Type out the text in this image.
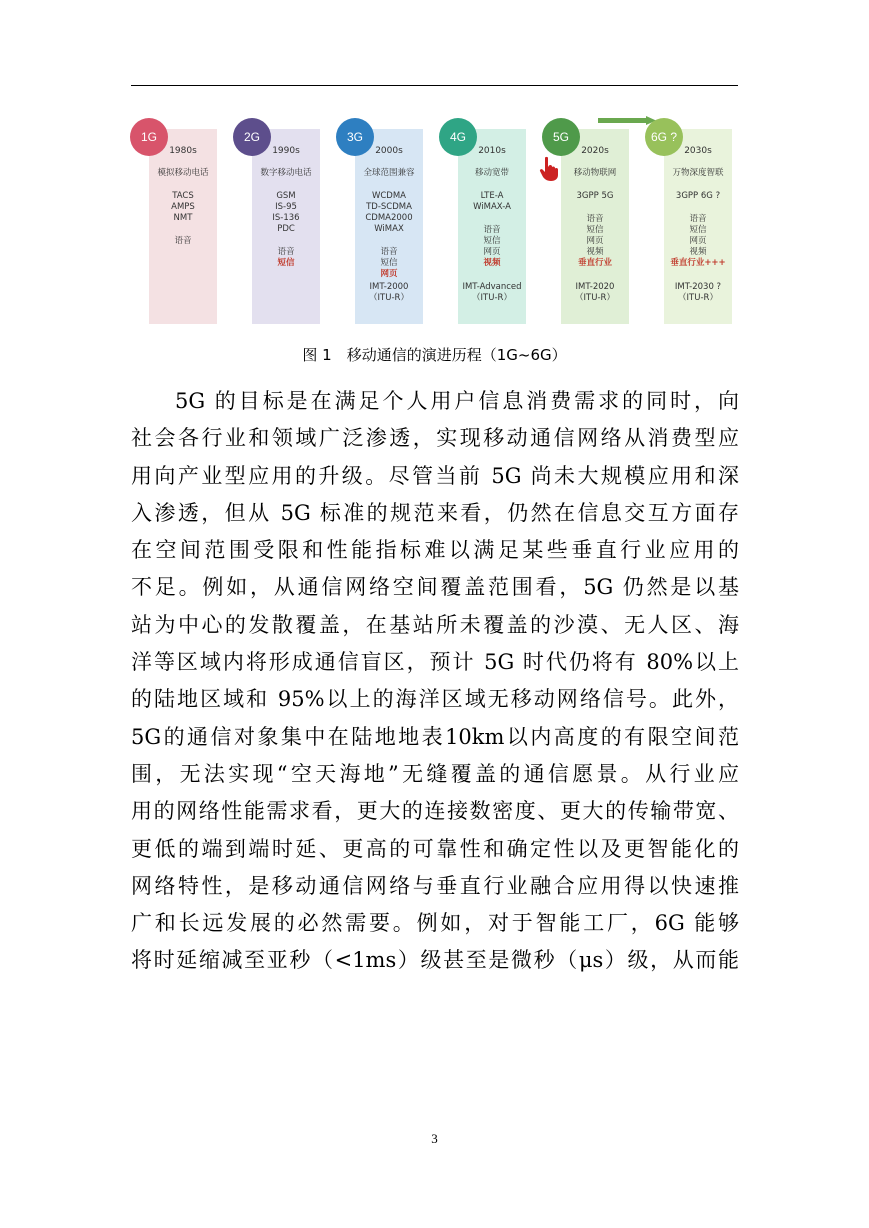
1980s
模拟移动电话
TACS
AMPS
NMT
语音
1G
1990s
数字移动电话
GSM
IS-95
IS-136
PDC
语音
短信
2G
2000s
全球范围兼容
WCDMA
TD-SCDMA
CDMA2000
WiMAX
语音
短信
网页
IMT-2000
（ITU-R）
3G
2010s
移动宽带
LTE-A
WiMAX-A
语音
短信
网页
视频
IMT-Advanced
（ITU-R）
4G
2020s
移动物联网
3GPP 5G
语音
短信
网页
视频
垂直行业
IMT-2020
（ITU-R）
5G
2030s
万物深度智联
3GPP 6G ?
语音
短信
网页
视频
垂直行业+++
IMT-2030 ?
（ITU-R）
6G ?
图 1　移动通信的演进历程（1G~6G）
5G 的目标是在满足个人用户信息消费需求的同时，向
社会各行业和领域广泛渗透，实现移动通信网络从消费型应
用向产业型应用的升级。尽管当前 5G 尚未大规模应用和深
入渗透，但从 5G 标准的规范来看，仍然在信息交互方面存
在空间范围受限和性能指标难以满足某些垂直行业应用的
不足。例如，从通信网络空间覆盖范围看，5G 仍然是以基
站为中心的发散覆盖，在基站所未覆盖的沙漠、无人区、海
洋等区域内将形成通信盲区，预计 5G 时代仍将有 80%以上
的陆地区域和 95%以上的海洋区域无移动网络信号。此外，
5G的通信对象集中在陆地地表10km以内高度的有限空间范
围，无法实现“空天海地”无缝覆盖的通信愿景。从行业应
用的网络性能需求看，更大的连接数密度、更大的传输带宽、
更低的端到端时延、更高的可靠性和确定性以及更智能化的
网络特性，是移动通信网络与垂直行业融合应用得以快速推
广和长远发展的必然需要。例如，对于智能工厂，6G 能够
将时延缩减至亚秒（<1ms）级甚至是微秒（μs）级，从而能
3
